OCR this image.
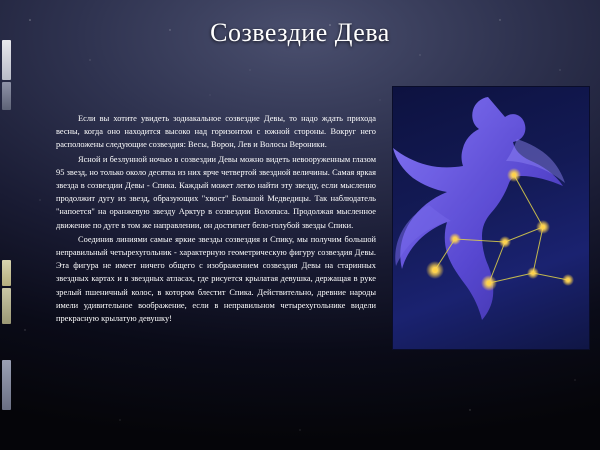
Созвездие Дева

Если вы хотите увидеть зодиакальное созвездие Девы, то надо ждать прихода весны, когда оно находится высоко над горизонтом с южной стороны. Вокруг него расположены следующие созвездия: Весы, Ворон, Лев и Волосы Вероники.

Ясной и безлунной ночью в созвездии Девы можно видеть невооруженным глазом 95 звезд, но только около десятка из них ярче четвертой звездной величины. Самая яркая звезда в созвездии Девы - Спика. Каждый может легко найти эту звезду, если мысленно продолжит дугу из звезд, образующих "хвост" Большой Медведицы. Так наблюдатель "напоется" на оранжевую звезду Арктур в созвездии Волопаса. Продолжая мысленное движение по дуге в том же направлении, он достигнет бело-голубой звезды Спики.

Соединив линиями самые яркие звезды созвездия и Спику, мы получим большой неправильный четырехугольник - характерную геометрическую фигуру созвездия Девы. Эта фигура не имеет ничего общего с изображением созвездия Девы на старинных звездных картах и в звездных атласах, где рисуется крылатая девушка, держащая в руке зрелый пшеничный колос, в котором блестит Спика. Действительно, древние народы имели удивительное воображение, если в неправильном четырехугольнике видели прекрасную крылатую девушку!
